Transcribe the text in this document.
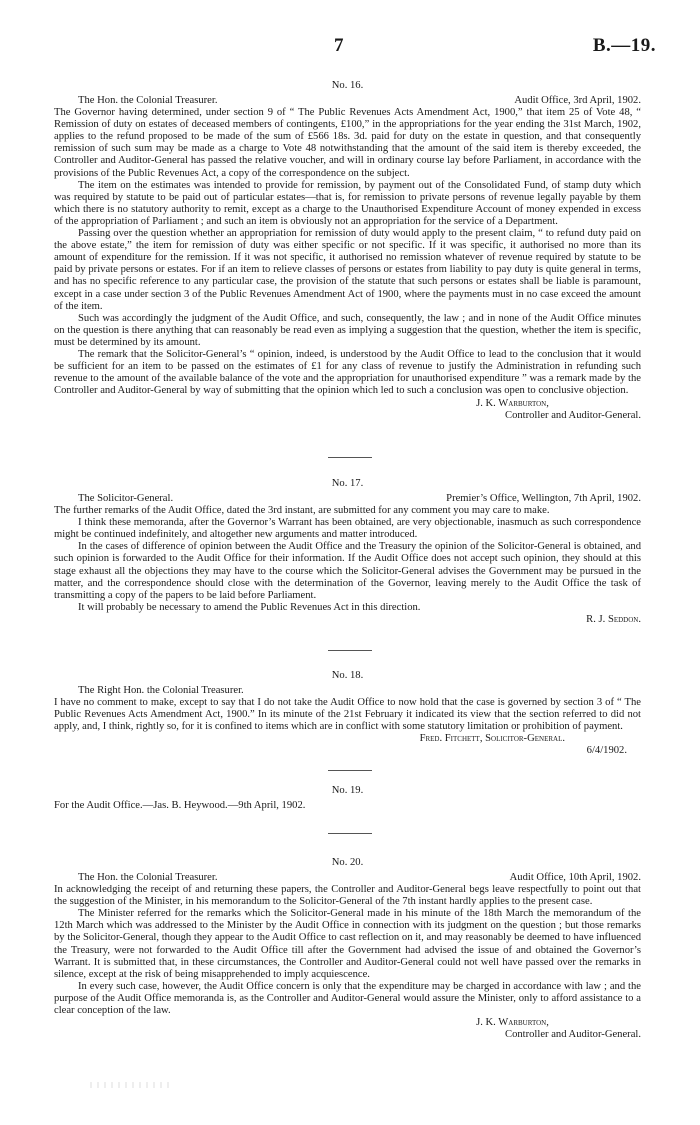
7	B.—19.
No. 16.
The Hon. the Colonial Treasurer.	Audit Office, 3rd April, 1902.

The Governor having determined, under section 9 of “ The Public Revenues Acts Amendment Act, 1900,” that item 25 of Vote 48, “ Remission of duty on estates of deceased members of contingents, £100,” in the appropriations for the year ending the 31st March, 1902, applies to the refund proposed to be made of the sum of £566 18s. 3d. paid for duty on the estate in question, and that consequently remission of such sum may be made as a charge to Vote 48 notwithstanding that the amount of the said item is thereby exceeded, the Controller and Auditor-General has passed the relative voucher, and will in ordinary course lay before Parliament, in accordance with the provisions of the Public Revenues Act, a copy of the correspondence on the subject.

The item on the estimates was intended to provide for remission, by payment out of the Consolidated Fund, of stamp duty which was required by statute to be paid out of particular estates—that is, for remission to private persons of revenue legally payable by them which there is no statutory authority to remit, except as a charge to the Unauthorised Expenditure Account of money expended in excess of the appropriation of Parliament ; and such an item is obviously not an appropriation for the service of a Department.

Passing over the question whether an appropriation for remission of duty would apply to the present claim, “ to refund duty paid on the above estate,” the item for remission of duty was either specific or not specific. If it was specific, it authorised no more than its amount of expenditure for the remission. If it was not specific, it authorised no remission whatever of revenue required by statute to be paid by private persons or estates. For if an item to relieve classes of persons or estates from liability to pay duty is quite general in terms, and has no specific reference to any particular case, the provision of the statute that such persons or estates shall be liable is paramount, except in a case under section 3 of the Public Revenues Amendment Act of 1900, where the payments must in no case exceed the amount of the item.

Such was accordingly the judgment of the Audit Office, and such, consequently, the law ; and in none of the Audit Office minutes on the question is there anything that can reasonably be read even as implying a suggestion that the question, whether the item is specific, must be determined by its amount.

The remark that the Solicitor-General’s “ opinion, indeed, is understood by the Audit Office to lead to the conclusion that it would be sufficient for an item to be passed on the estimates of £1 for any class of revenue to justify the Administration in refunding such revenue to the amount of the available balance of the vote and the appropriation for unauthorised expenditure ” was a remark made by the Controller and Auditor-General by way of submitting that the opinion which led to such a conclusion was open to conclusive objection.

J. K. Warburton,
Controller and Auditor-General.
No. 17.
The Solicitor-General.	Premier’s Office, Wellington, 7th April, 1902.

The further remarks of the Audit Office, dated the 3rd instant, are submitted for any comment you may care to make.

I think these memoranda, after the Governor’s Warrant has been obtained, are very objectionable, inasmuch as such correspondence might be continued indefinitely, and altogether new arguments and matter introduced.

In the cases of difference of opinion between the Audit Office and the Treasury the opinion of the Solicitor-General is obtained, and such opinion is forwarded to the Audit Office for their information. If the Audit Office does not accept such opinion, they should at this stage exhaust all the objections they may have to the course which the Solicitor-General advises the Government may be pursued in the matter, and the correspondence should close with the determination of the Governor, leaving merely to the Audit Office the task of transmitting a copy of the papers to be laid before Parliament.

It will probably be necessary to amend the Public Revenues Act in this direction.

R. J. Seddon.
No. 18.
The Right Hon. the Colonial Treasurer.

I have no comment to make, except to say that I do not take the Audit Office to now hold that the case is governed by section 3 of “ The Public Revenues Acts Amendment Act, 1900.” In its minute of the 21st February it indicated its view that the section referred to did not apply, and, I think, rightly so, for it is confined to items which are in conflict with some statutory limitation or prohibition of payment.

Fred. Fitchett, Solicitor-General.
6/4/1902.
No. 19.

For the Audit Office.—Jas. B. Heywood.—9th April, 1902.

No. 20.
The Hon. the Colonial Treasurer.	Audit Office, 10th April, 1902.

In acknowledging the receipt of and returning these papers, the Controller and Auditor-General begs leave respectfully to point out that the suggestion of the Minister, in his memorandum to the Solicitor-General of the 7th instant hardly applies to the present case.

The Minister referred for the remarks which the Solicitor-General made in his minute of the 18th March the memorandum of the 12th March which was addressed to the Minister by the Audit Office in connection with its judgment on the question ; but those remarks by the Solicitor-General, though they appear to the Audit Office to cast reflection on it, and may reasonably be deemed to have influenced the Treasury, were not forwarded to the Audit Office till after the Government had advised the issue of and obtained the Governor’s Warrant. It is submitted that, in these circumstances, the Controller and Auditor-General could not well have passed over the remarks in silence, except at the risk of being misapprehended to imply acquiescence.

In every such case, however, the Audit Office concern is only that the expenditure may be charged in accordance with law ; and the purpose of the Audit Office memoranda is, as the Controller and Auditor-General would assure the Minister, only to afford assistance to a clear conception of the law.

J. K. Warburton,
Controller and Auditor-General.
